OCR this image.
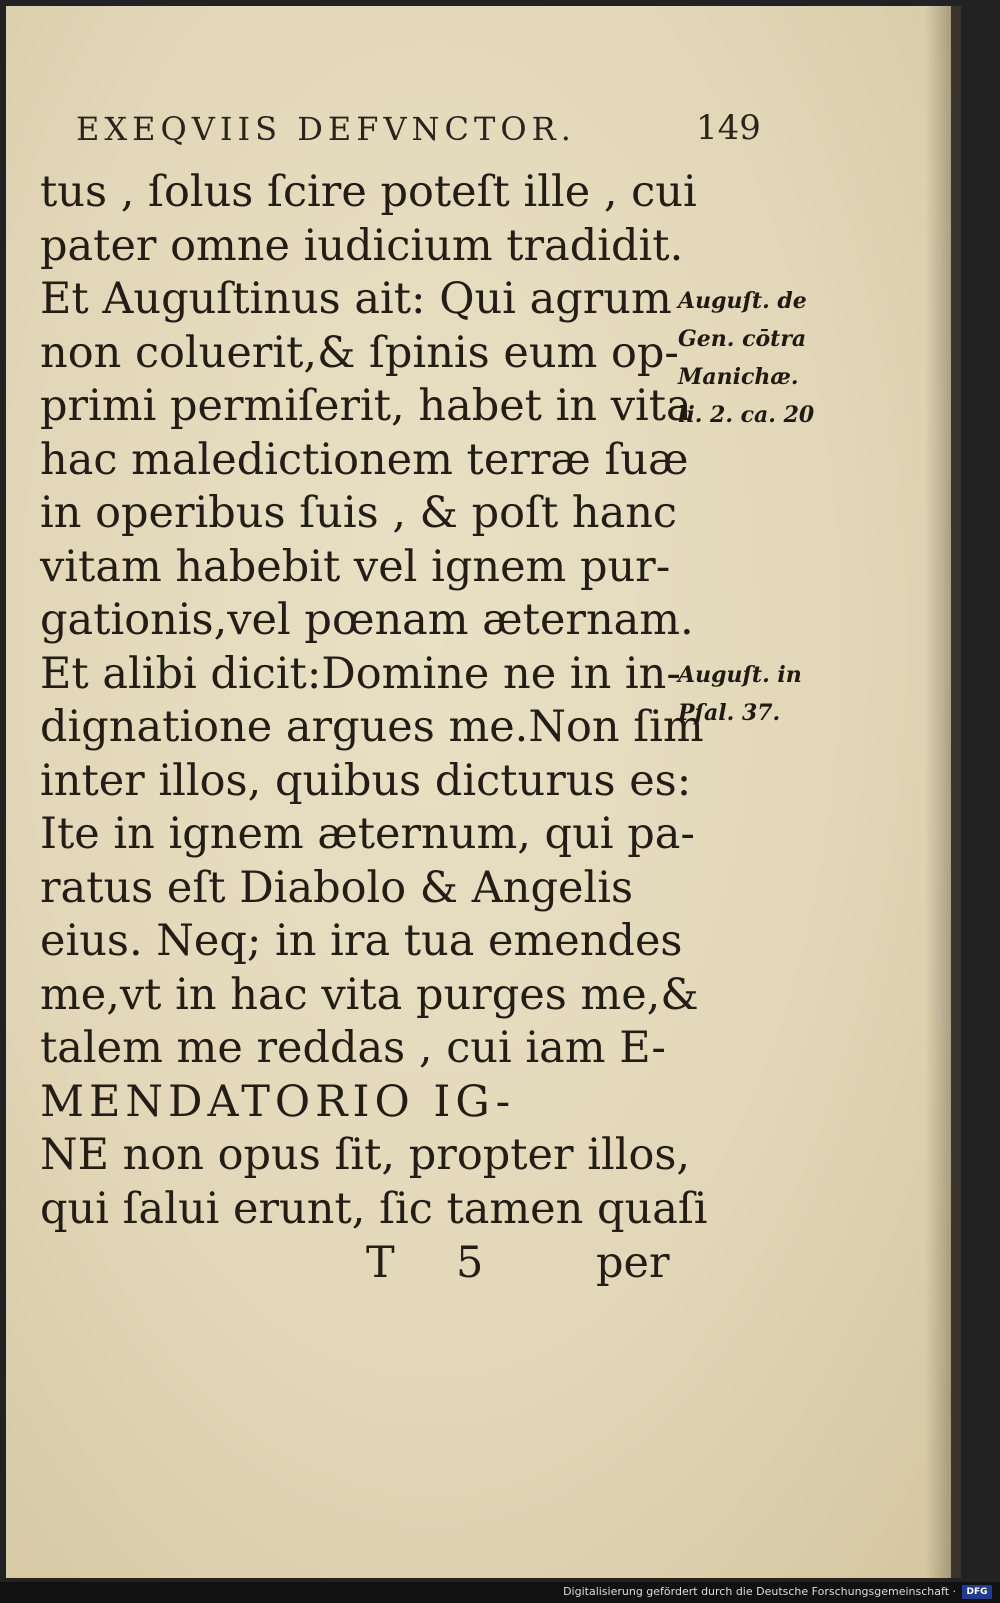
EXEQVIIS DEFVNCTOR.	149
tus , ſolus ſcire poteſt ille , cui
pater omne iudicium tradidit.
Et Auguſtinus ait: Qui agrum
non coluerit,& ſpinis eum op-
primi permiſerit, habet in vita
hac maledictionem terræ ſuæ
in operibus ſuis , & poſt hanc
vitam habebit vel ignem pur-
gationis,vel pœnam æternam.
Et alibi dicit:Domine ne in in-
dignatione argues me.Non ſim
inter illos, quibus dicturus es:
Ite in ignem æternum, qui pa-
ratus eſt Diabolo & Angelis
eius. Neq; in ira tua emendes
me,vt in hac vita purges me,&
talem me reddas , cui iam E-
MENDATORIO IG-
NE non opus ſit, propter illos,
qui ſalui erunt, ſic tamen quaſi
T 5	per
Auguſt. de
Gen. cōtra
Manichæ.
li. 2. ca. 20
Auguſt. in
Pſal. 37.
Digitalisierung gefördert durch die Deutsche Forschungsgemeinschaft ·	DFG
